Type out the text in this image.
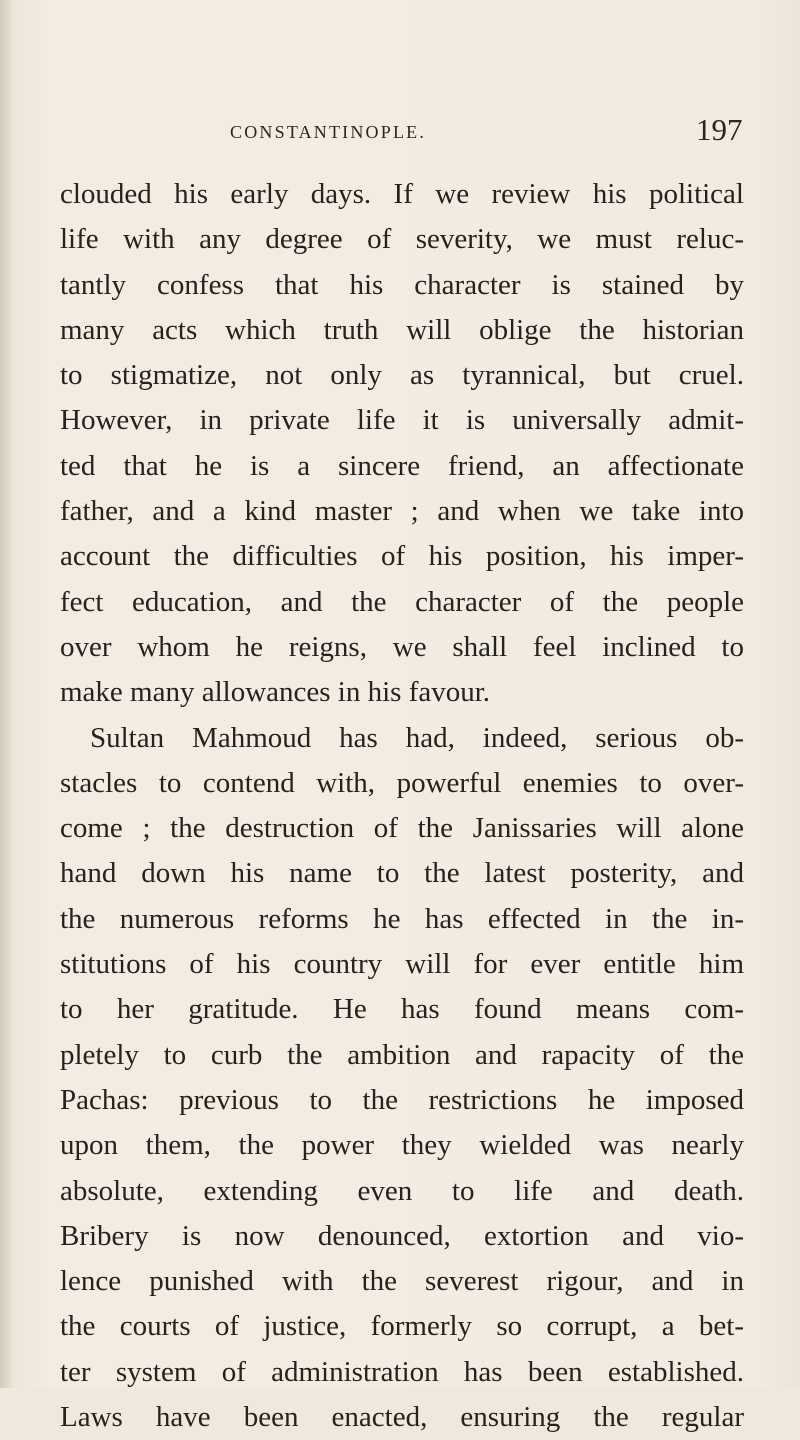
CONSTANTINOPLE.	197
clouded his early days. If we review his political
life with any degree of severity, we must reluc-
tantly confess that his character is stained by
many acts which truth will oblige the historian
to stigmatize, not only as tyrannical, but cruel.
However, in private life it is universally admit-
ted that he is a sincere friend, an affectionate
father, and a kind master ; and when we take into
account the difficulties of his position, his imper-
fect education, and the character of the people
over whom he reigns, we shall feel inclined to
make many allowances in his favour.
Sultan Mahmoud has had, indeed, serious ob-
stacles to contend with, powerful enemies to over-
come ; the destruction of the Janissaries will alone
hand down his name to the latest posterity, and
the numerous reforms he has effected in the in-
stitutions of his country will for ever entitle him
to her gratitude. He has found means com-
pletely to curb the ambition and rapacity of the
Pachas: previous to the restrictions he imposed
upon them, the power they wielded was nearly
absolute, extending even to life and death.
Bribery is now denounced, extortion and vio-
lence punished with the severest rigour, and in
the courts of justice, formerly so corrupt, a bet-
ter system of administration has been established.
Laws have been enacted, ensuring the regular
